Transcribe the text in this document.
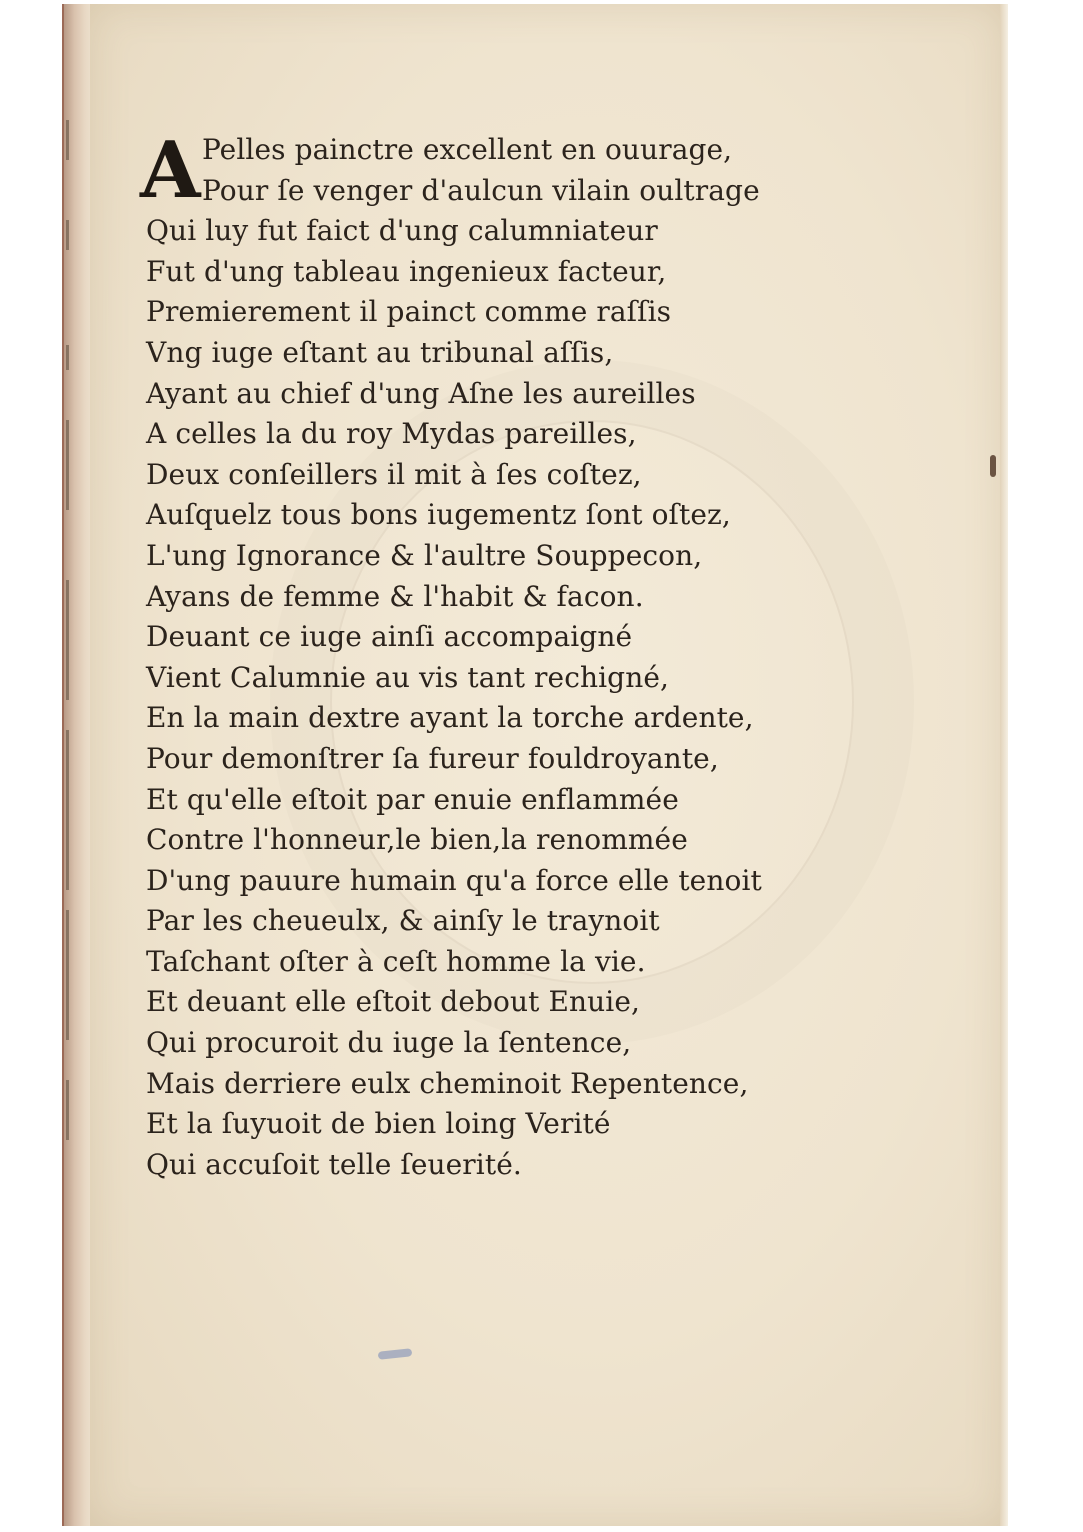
A Pelles painctre excellent en ouurage,
Pour ſe venger d'aulcun vilain oultrage
Qui luy fut faict d'ung calumniateur
Fut d'ung tableau ingenieux facteur,
Premierement il painct comme raſſis
Vng iuge eſtant au tribunal aſſis,
Ayant au chief d'ung Aſne les aureilles
A celles la du roy Mydas pareilles,
Deux conſeillers il mit à ſes coſtez,
Auſquelz tous bons iugementz ſont oſtez,
L'ung Ignorance & l'aultre Souppecon,
Ayans de femme & l'habit & facon.
Deuant ce iuge ainſi accompaigné
Vient Calumnie au vis tant rechigné,
En la main dextre ayant la torche ardente,
Pour demonſtrer ſa fureur fouldroyante,
Et qu'elle eſtoit par enuie enflammée
Contre l'honneur,le bien,la renommée
D'ung pauure humain qu'a force elle tenoit
Par les cheueulx, & ainſy le traynoit
Taſchant oſter à ceſt homme la vie.
Et deuant elle eſtoit debout Enuie,
Qui procuroit du iuge la ſentence,
Mais derriere eulx cheminoit Repentence,
Et la ſuyuoit de bien loing Verité
Qui accuſoit telle ſeuerité.
